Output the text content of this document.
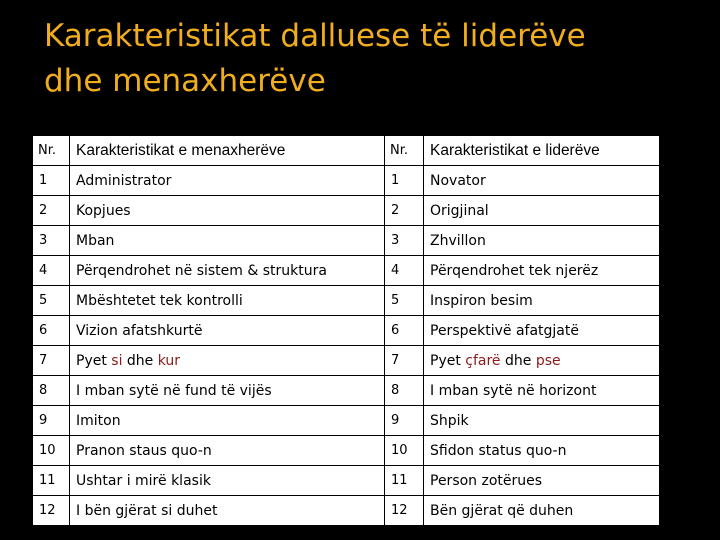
Karakteristikat dalluese të liderëve
dhe menaxherëve
Nr.	Karakteristikat e menaxherëve	Nr.	Karakteristikat e liderëve
1	Administrator	1	Novator
2	Kopjues	2	Origjinal
3	Mban	3	Zhvillon
4	Përqendrohet në sistem & struktura	4	Përqendrohet tek njerëz
5	Mbështetet tek kontrolli	5	Inspiron besim
6	Vizion afatshkurtë	6	Perspektivë afatgjatë
7	Pyet si dhe kur	7	Pyet çfarë dhe pse
8	I mban sytë në fund të vijës	8	I mban sytë në horizont
9	Imiton	9	Shpik
10	Pranon staus quo-n	10	Sfidon status quo-n
11	Ushtar i mirë klasik	11	Person zotërues
12	I bën gjërat si duhet	12	Bën gjërat që duhen
